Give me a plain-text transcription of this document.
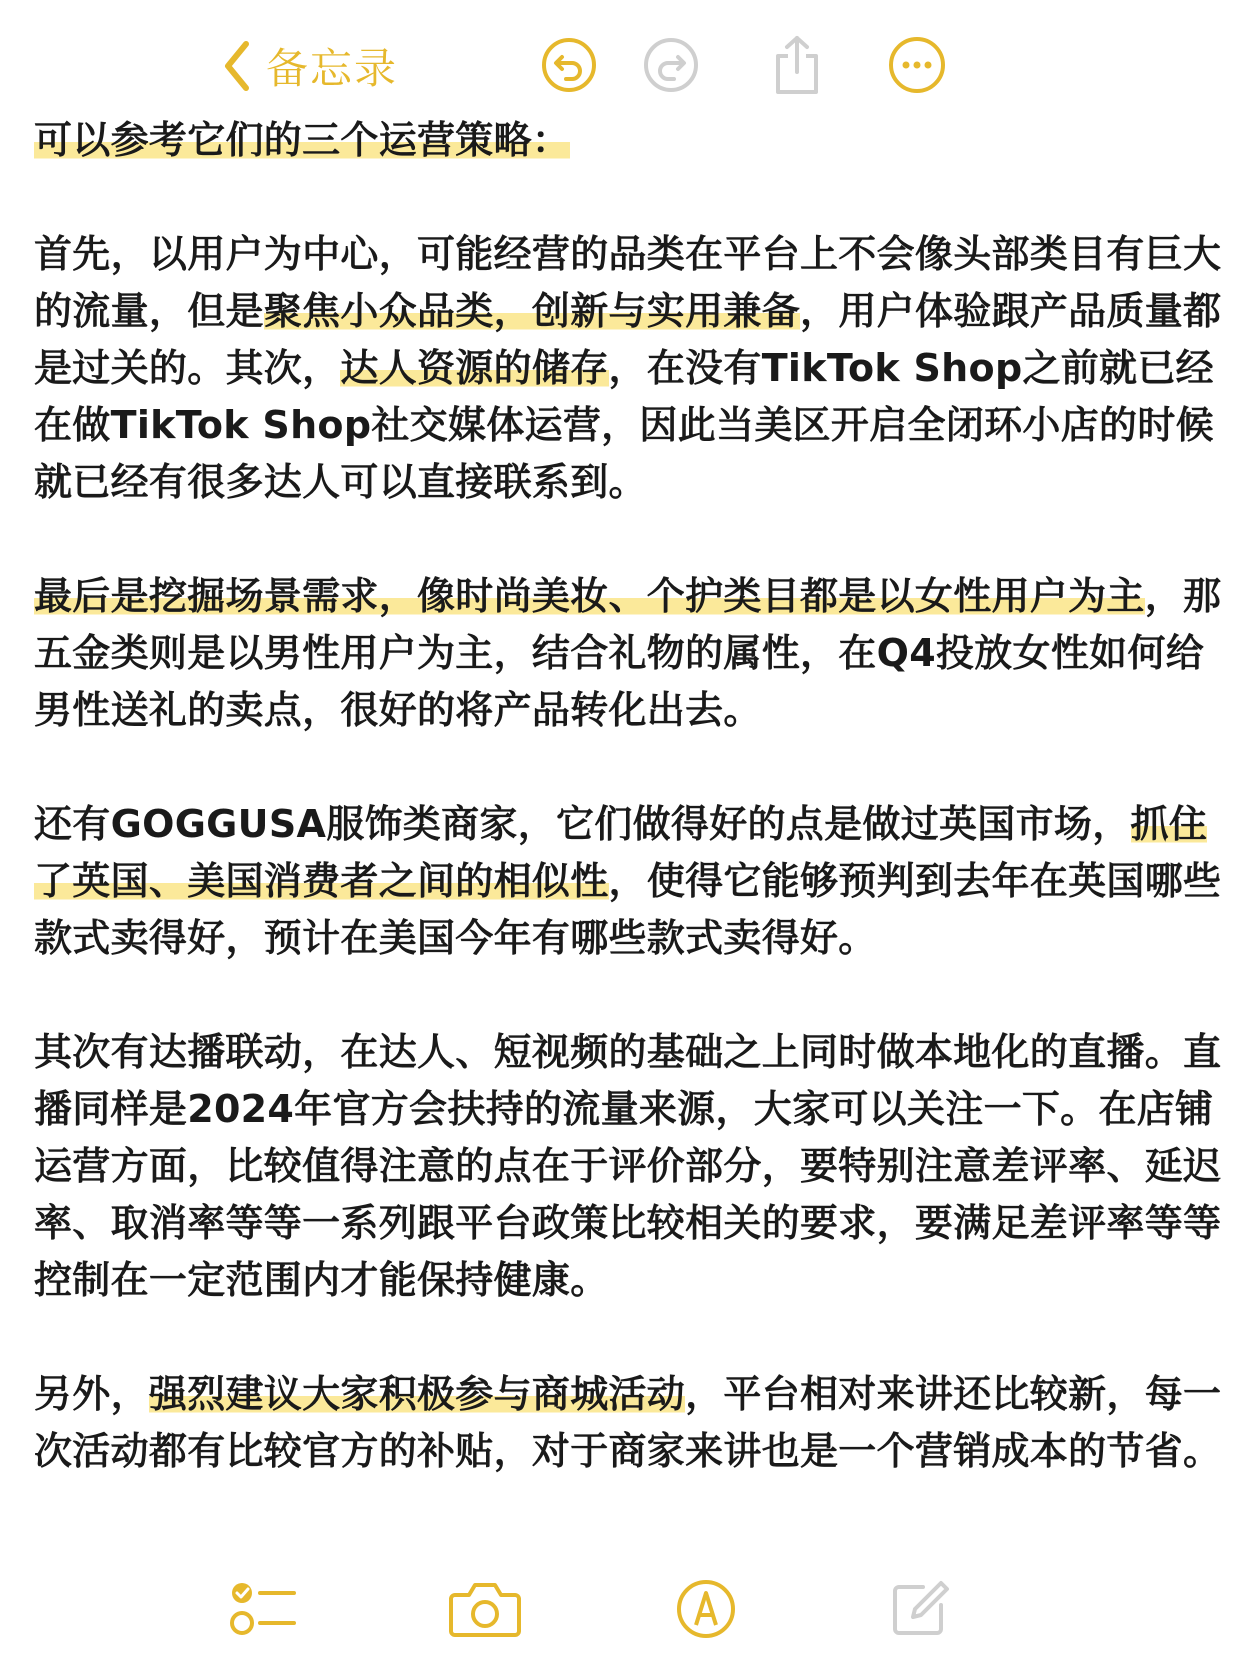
备忘录

可以参考它们的三个运营策略：

首先，以用户为中心，可能经营的品类在平台上不会像头部类目有巨大的流量，但是聚焦小众品类，创新与实用兼备，用户体验跟产品质量都是过关的。其次，达人资源的储存，在没有TikTok Shop之前就已经在做TikTok Shop社交媒体运营，因此当美区开启全闭环小店的时候就已经有很多达人可以直接联系到。

最后是挖掘场景需求，像时尚美妆、个护类目都是以女性用户为主，那五金类则是以男性用户为主，结合礼物的属性，在Q4投放女性如何给男性送礼的卖点，很好的将产品转化出去。

还有GOGGUSA服饰类商家，它们做得好的点是做过英国市场，抓住了英国、美国消费者之间的相似性，使得它能够预判到去年在英国哪些款式卖得好，预计在美国今年有哪些款式卖得好。

其次有达播联动，在达人、短视频的基础之上同时做本地化的直播。直播同样是2024年官方会扶持的流量来源，大家可以关注一下。在店铺运营方面，比较值得注意的点在于评价部分，要特别注意差评率、延迟率、取消率等等一系列跟平台政策比较相关的要求，要满足差评率等等控制在一定范围内才能保持健康。

另外，强烈建议大家积极参与商城活动，平台相对来讲还比较新，每一次活动都有比较官方的补贴，对于商家来讲也是一个营销成本的节省。
